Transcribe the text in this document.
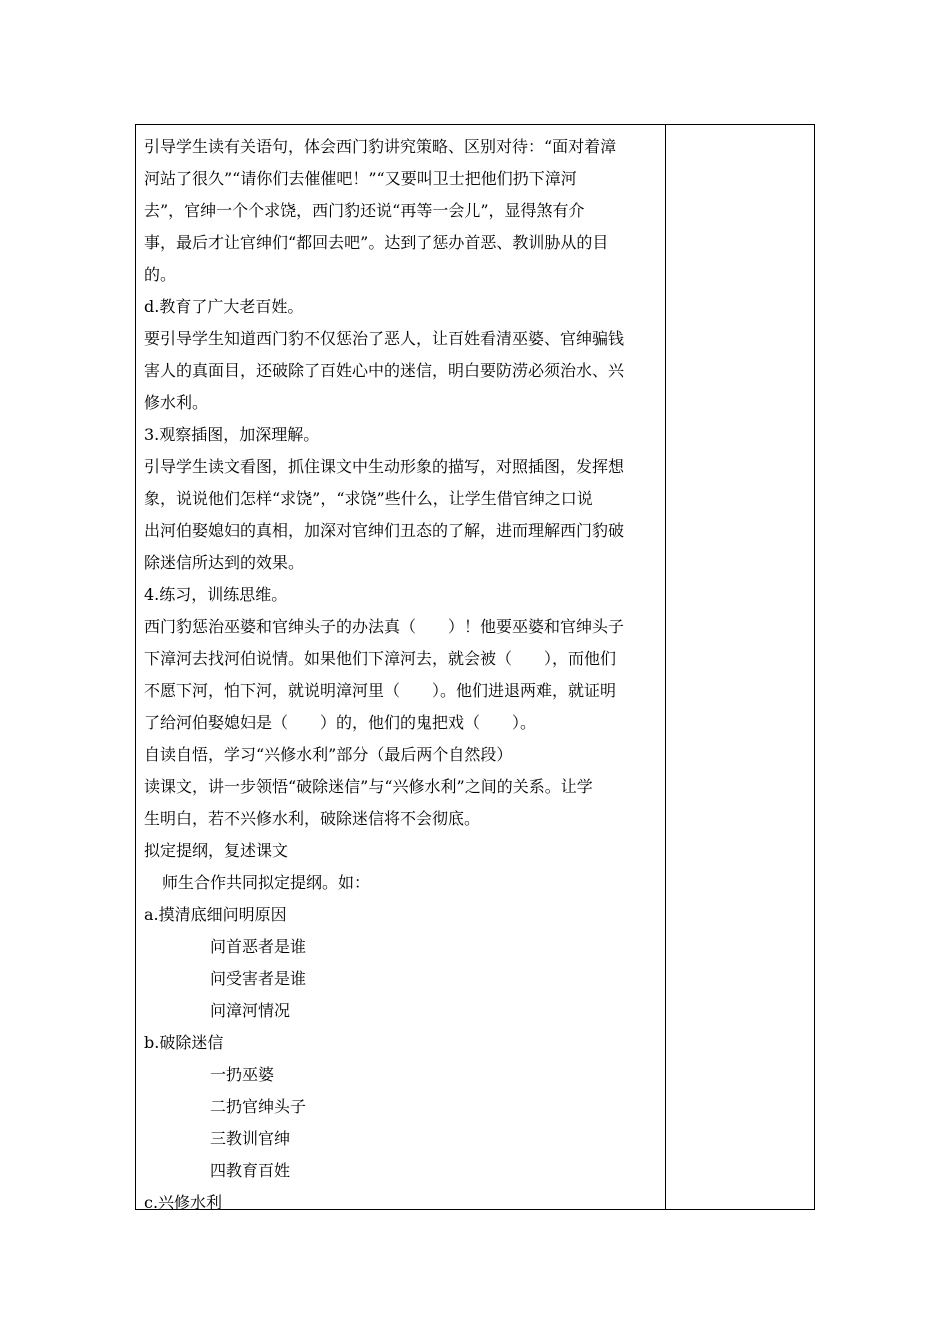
引导学生读有关语句，体会西门豹讲究策略、区别对待：“面对着漳
河站了很久”“请你们去催催吧！”“又要叫卫士把他们扔下漳河
去”，官绅一个个求饶，西门豹还说“再等一会儿”，显得煞有介
事，最后才让官绅们“都回去吧”。达到了惩办首恶、教训胁从的目
的。
d.教育了广大老百姓。
要引导学生知道西门豹不仅惩治了恶人，让百姓看清巫婆、官绅骗钱
害人的真面目，还破除了百姓心中的迷信，明白要防涝必须治水、兴
修水利。
3.观察插图，加深理解。
引导学生读文看图，抓住课文中生动形象的描写，对照插图，发挥想
象，说说他们怎样“求饶”，“求饶”些什么，让学生借官绅之口说
出河伯娶媳妇的真相，加深对官绅们丑态的了解，进而理解西门豹破
除迷信所达到的效果。
4.练习，训练思维。
西门豹惩治巫婆和官绅头子的办法真（　　）！他要巫婆和官绅头子
下漳河去找河伯说情。如果他们下漳河去，就会被（　　），而他们
不愿下河，怕下河，就说明漳河里（　　）。他们进退两难，就证明
了给河伯娶媳妇是（　　）的，他们的鬼把戏（　　）。
自读自悟，学习“兴修水利”部分（最后两个自然段）
读课文，讲一步领悟“破除迷信”与“兴修水利”之间的关系。让学
生明白，若不兴修水利，破除迷信将不会彻底。
拟定提纲，复述课文
师生合作共同拟定提纲。如：
a.摸清底细问明原因
问首恶者是谁
问受害者是谁
问漳河情况
b.破除迷信
一扔巫婆
二扔官绅头子
三教训官绅
四教育百姓
c.兴修水利
